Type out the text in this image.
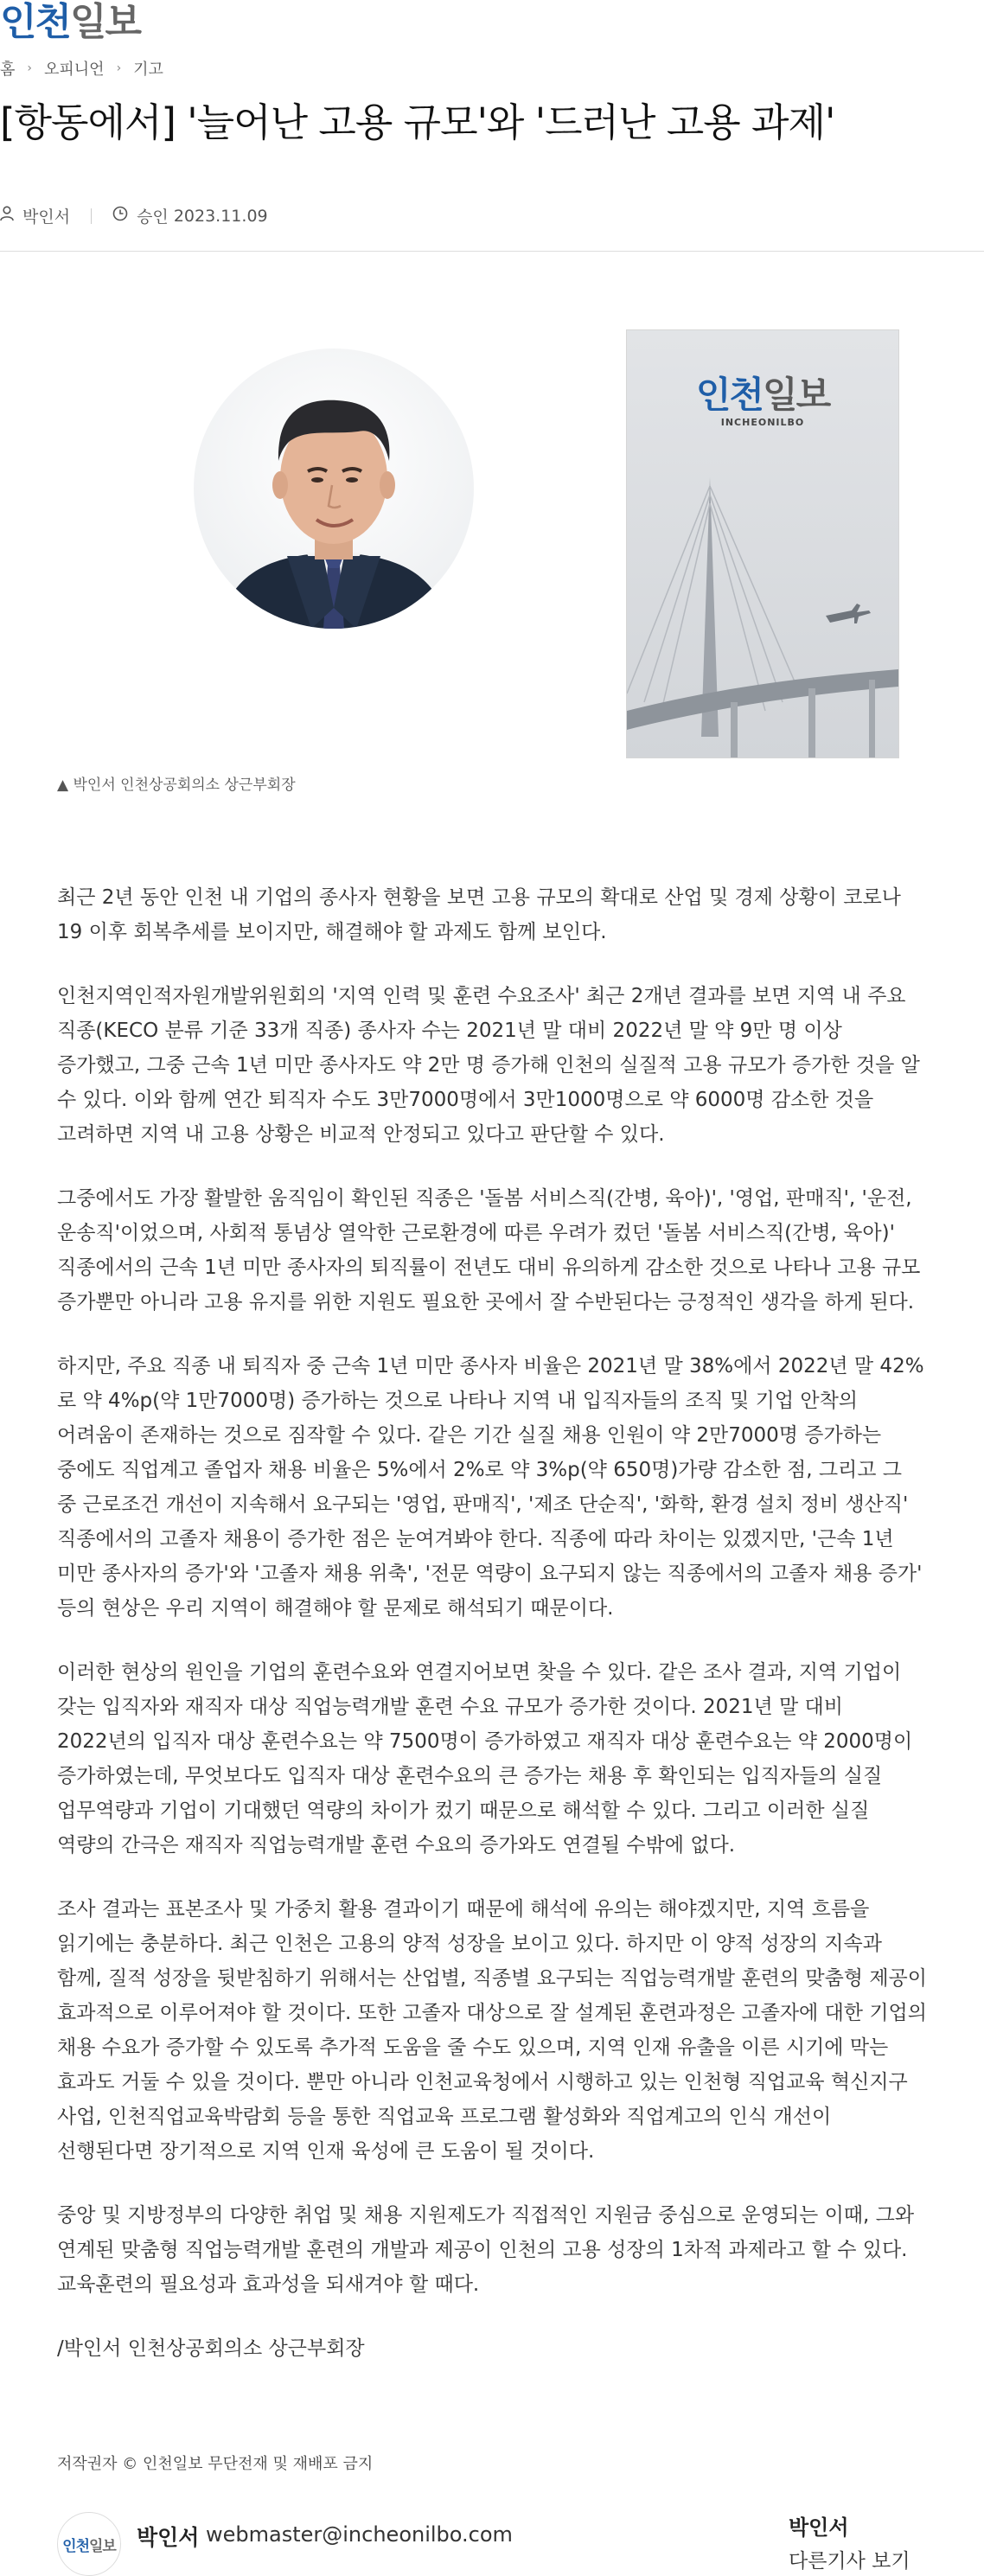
인천일보
홈 › 오피니언 › 기고
[항동에서] '늘어난 고용 규모'와 '드러난 고용 과제'
박인서	승인
2023.11.09
인천일보
INCHEONILBO
▲ 박인서 인천상공회의소 상근부회장

최근 2년 동안 인천 내 기업의 종사자 현황을 보면 고용 규모의 확대로 산업 및 경제 상황이 코로나 19 이후 회복추세를 보이지만, 해결해야 할 과제도 함께 보인다.

인천지역인적자원개발위원회의 '지역 인력 및 훈련 수요조사' 최근 2개년 결과를 보면 지역 내 주요 직종(KECO 분류 기준 33개 직종) 종사자 수는 2021년 말 대비 2022년 말 약 9만 명 이상 증가했고, 그중 근속 1년 미만 종사자도 약 2만 명 증가해 인천의 실질적 고용 규모가 증가한 것을 알 수 있다. 이와 함께 연간 퇴직자 수도 3만7000명에서 3만1000명으로 약 6000명 감소한 것을 고려하면 지역 내 고용 상황은 비교적 안정되고 있다고 판단할 수 있다.

그중에서도 가장 활발한 움직임이 확인된 직종은 '돌봄 서비스직(간병, 육아)', '영업, 판매직', '운전, 운송직'이었으며, 사회적 통념상 열악한 근로환경에 따른 우려가 컸던 '돌봄 서비스직(간병, 육아)' 직종에서의 근속 1년 미만 종사자의 퇴직률이 전년도 대비 유의하게 감소한 것으로 나타나 고용 규모 증가뿐만 아니라 고용 유지를 위한 지원도 필요한 곳에서 잘 수반된다는 긍정적인 생각을 하게 된다.

하지만, 주요 직종 내 퇴직자 중 근속 1년 미만 종사자 비율은 2021년 말 38%에서 2022년 말 42%로 약 4%p(약 1만7000명) 증가하는 것으로 나타나 지역 내 입직자들의 조직 및 기업 안착의 어려움이 존재하는 것으로 짐작할 수 있다. 같은 기간 실질 채용 인원이 약 2만7000명 증가하는 중에도 직업계고 졸업자 채용 비율은 5%에서 2%로 약 3%p(약 650명)가량 감소한 점, 그리고 그 중 근로조건 개선이 지속해서 요구되는 '영업, 판매직', '제조 단순직', '화학, 환경 설치 정비 생산직' 직종에서의 고졸자 채용이 증가한 점은 눈여겨봐야 한다. 직종에 따라 차이는 있겠지만, '근속 1년 미만 종사자의 증가'와 '고졸자 채용 위축', '전문 역량이 요구되지 않는 직종에서의 고졸자 채용 증가' 등의 현상은 우리 지역이 해결해야 할 문제로 해석되기 때문이다.

이러한 현상의 원인을 기업의 훈련수요와 연결지어보면 찾을 수 있다. 같은 조사 결과, 지역 기업이 갖는 입직자와 재직자 대상 직업능력개발 훈련 수요 규모가 증가한 것이다. 2021년 말 대비 2022년의 입직자 대상 훈련수요는 약 7500명이 증가하였고 재직자 대상 훈련수요는 약 2000명이 증가하였는데, 무엇보다도 입직자 대상 훈련수요의 큰 증가는 채용 후 확인되는 입직자들의 실질 업무역량과 기업이 기대했던 역량의 차이가 컸기 때문으로 해석할 수 있다. 그리고 이러한 실질 역량의 간극은 재직자 직업능력개발 훈련 수요의 증가와도 연결될 수밖에 없다.

조사 결과는 표본조사 및 가중치 활용 결과이기 때문에 해석에 유의는 해야겠지만, 지역 흐름을 읽기에는 충분하다. 최근 인천은 고용의 양적 성장을 보이고 있다. 하지만 이 양적 성장의 지속과 함께, 질적 성장을 뒷받침하기 위해서는 산업별, 직종별 요구되는 직업능력개발 훈련의 맞춤형 제공이 효과적으로 이루어져야 할 것이다. 또한 고졸자 대상으로 잘 설계된 훈련과정은 고졸자에 대한 기업의 채용 수요가 증가할 수 있도록 추가적 도움을 줄 수도 있으며, 지역 인재 유출을 이른 시기에 막는 효과도 거둘 수 있을 것이다. 뿐만 아니라 인천교육청에서 시행하고 있는 인천형 직업교육 혁신지구 사업, 인천직업교육박람회 등을 통한 직업교육 프로그램 활성화와 직업계고의 인식 개선이 선행된다면 장기적으로 지역 인재 육성에 큰 도움이 될 것이다.

중앙 및 지방정부의 다양한 취업 및 채용 지원제도가 직접적인 지원금 중심으로 운영되는 이때, 그와 연계된 맞춤형 직업능력개발 훈련의 개발과 제공이 인천의 고용 성장의 1차적 과제라고 할 수 있다. 교육훈련의 필요성과 효과성을 되새겨야 할 때다.

/박인서 인천상공회의소 상근부회장

저작권자 © 인천일보 무단전재 및 재배포 금지
인천 일보 박인서 webmaster@incheonilbo.com	박인서
다른기사 보기
